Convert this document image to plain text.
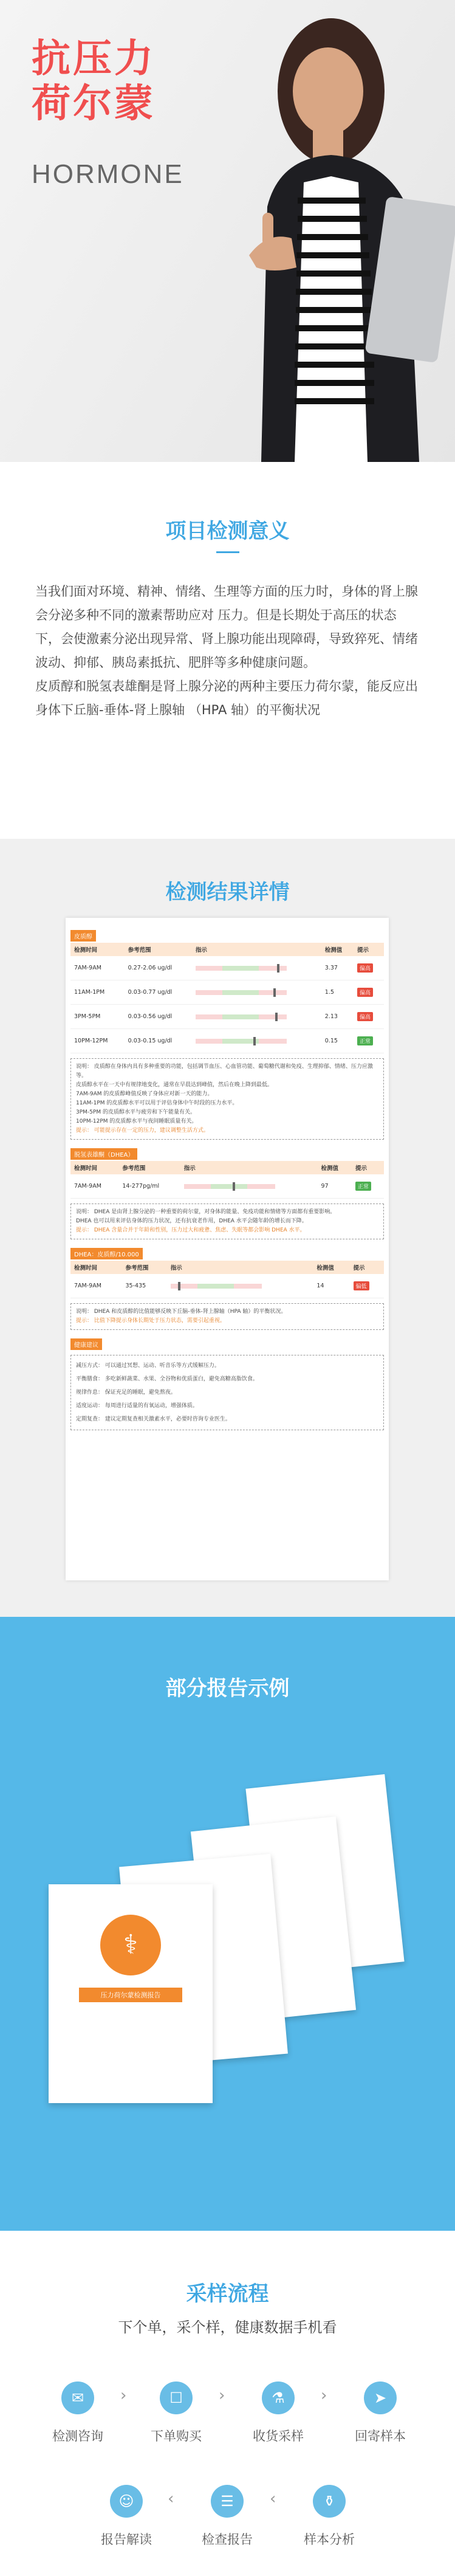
抗压力
荷尔蒙
HORMONE
项目检测意义

当我们面对环境、精神、情绪、生理等方面的压力时，身体的肾上腺会分泌多种不同的激素帮助应对 压力。但是长期处于高压的状态下，会使激素分泌出现异常、肾上腺功能出现障碍，导致猝死、情绪波动、抑郁、胰岛素抵抗、肥胖等多种健康问题。

皮质醇和脱氢表雄酮是肾上腺分泌的两种主要压力荷尔蒙，能反应出身体下丘脑-垂体-肾上腺轴 （HPA 轴）的平衡状况

检测结果详情
皮质醇
检测时间	参考范围	指示	检测值	提示
7AM-9AM	0.27-2.06 ug/dl		3.37	偏高
11AM-1PM	0.03-0.77 ug/dl		1.5	偏高
3PM-5PM	0.03-0.56 ug/dl		2.13	偏高
10PM-12PM	0.03-0.15 ug/dl		0.15	正常
说明： 皮质醇在身体内具有多种重要的功能，包括调节血压、心血管功能、葡萄糖代谢和免疫、生理抑郁、情绪、压力应激等。
皮质醇水平在一天中有规律地变化，通常在早晨达到峰值，然后在晚上降到最低。
7AM-9AM 的皮质醇峰值反映了身体应对新一天的能力。
11AM-1PM 的皮质醇水平可以用于评估身体中午时段的压力水平。
3PM-5PM 的皮质醇水平与疲劳和下午能量有关。
10PM-12PM 的皮质醇水平与夜间睡眠质量有关。
提示： 可能提示存在一定的压力，建议调整生活方式。
脱氢表雄酮（DHEA）
检测时间	参考范围	指示	检测值	提示
7AM-9AM	14-277pg/ml		97	正常
说明： DHEA 是由肾上腺分泌的一种重要的荷尔蒙，对身体的能量、免疫功能和情绪等方面都有重要影响。
DHEA 也可以用来评估身体的压力状况，还有抗衰老作用，DHEA 水平会随年龄的增长而下降。
提示： DHEA 含量合并于年龄和性别，压力过大和疲惫、焦虑、失眠等都会影响 DHEA 水平。
DHEA：皮质醇/10.000
检测时间	参考范围	指示	检测值	提示
7AM-9AM	35-435		14	偏低
说明： DHEA 和皮质醇的比值能够反映下丘脑-垂体-肾上腺轴（HPA 轴）的平衡状况。
提示： 比值下降提示身体长期处于压力状态，需要引起重视。
健康建议
减压方式： 可以通过冥想、运动、听音乐等方式缓解压力。
平衡膳食： 多吃新鲜蔬菜、水果、全谷物和优质蛋白，避免高糖高脂饮食。
规律作息： 保证充足的睡眠，避免熬夜。
适度运动： 每周进行适量的有氧运动，增强体质。
定期复查： 建议定期复查相关激素水平，必要时咨询专业医生。
部分报告示例
⚕
压力荷尔蒙检测报告
采样流程
下个单，采个样，健康数据手机看
✉
检测咨询
›	☐
下单购买
›	⚗
收货采样
›	➤
回寄样本
⚱
样本分析
‹
☰
检查报告
‹
☺
报告解读
